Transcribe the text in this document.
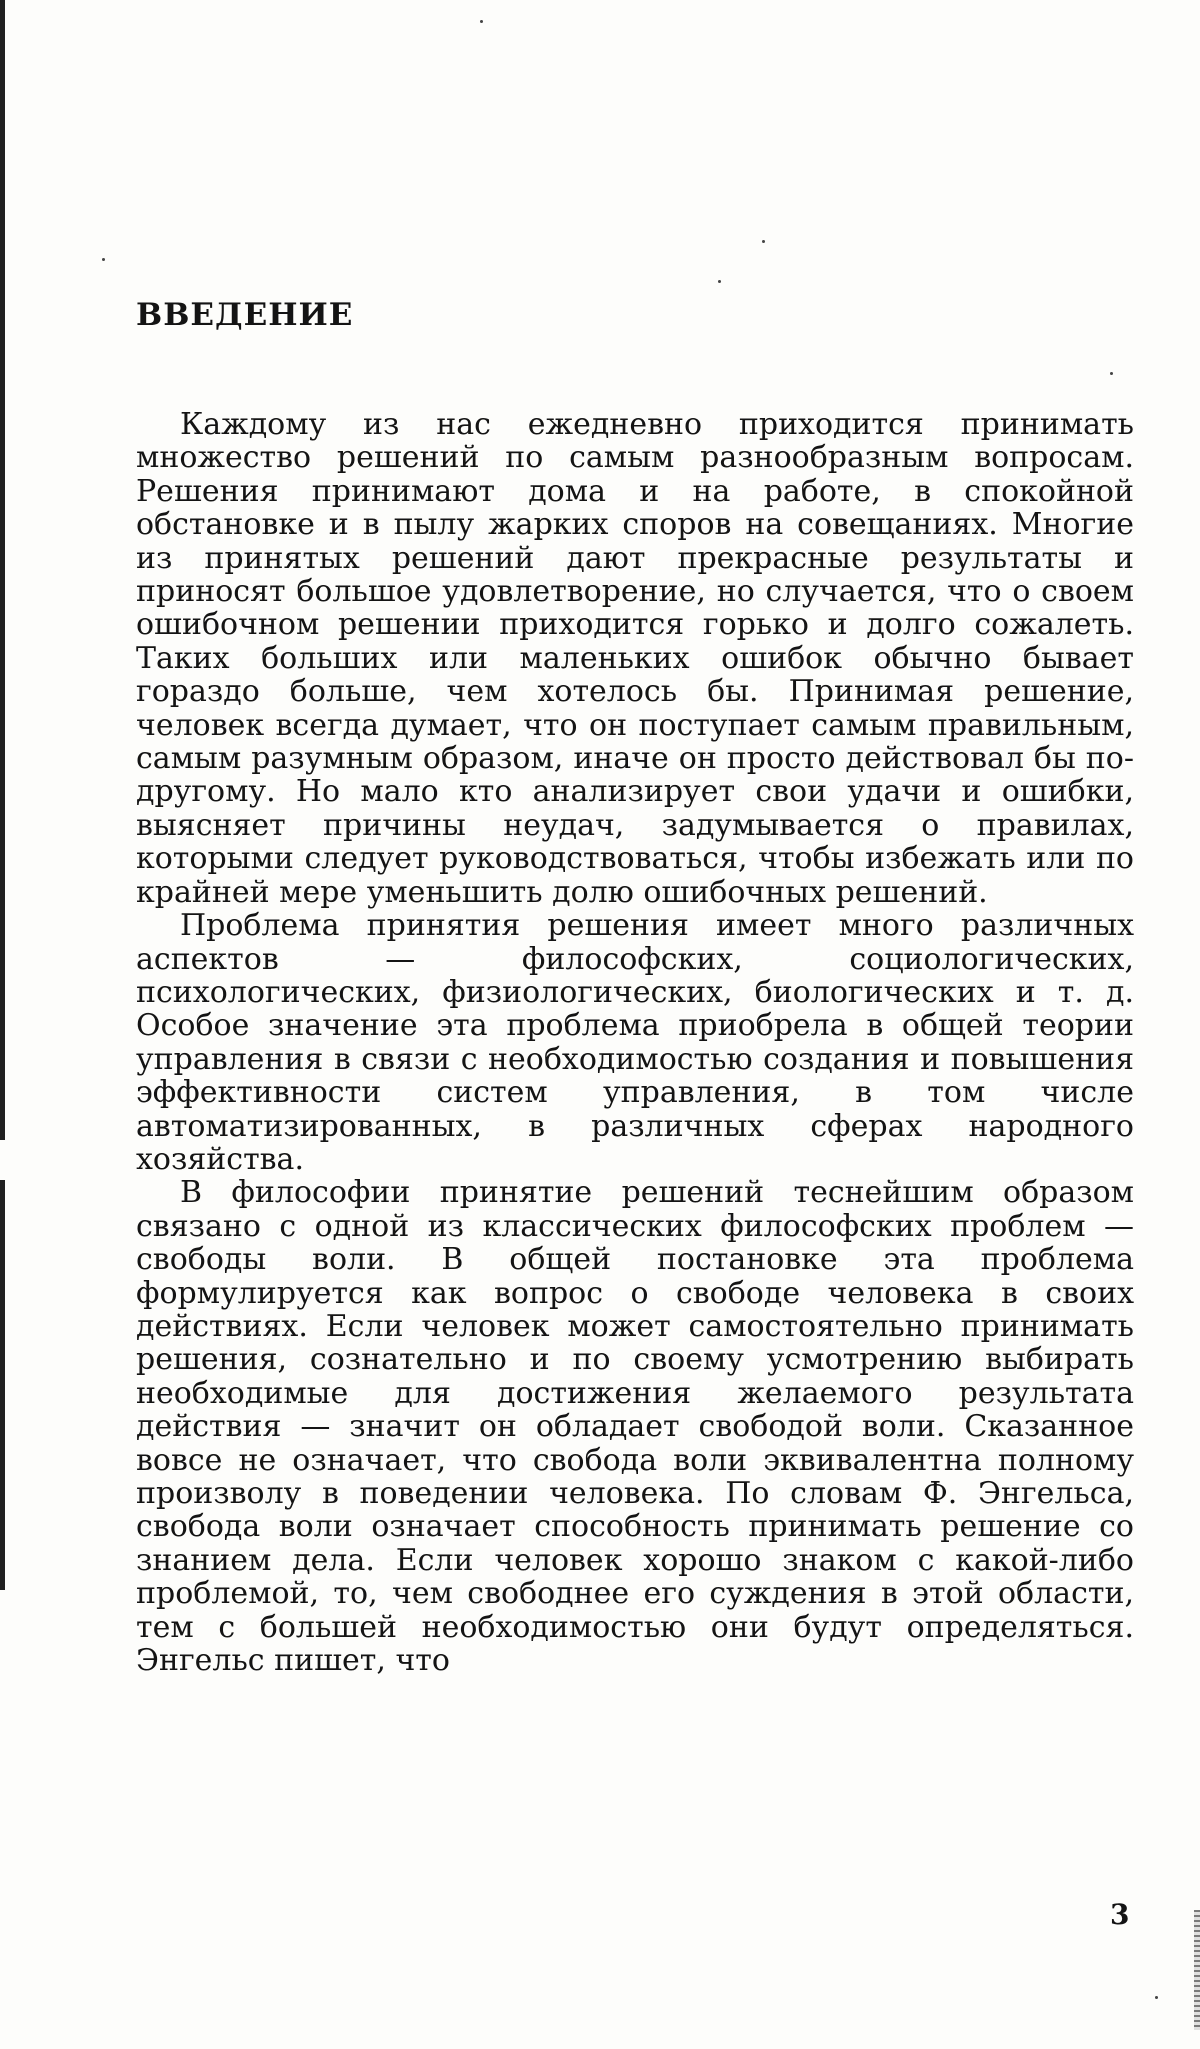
ВВЕДЕНИЕ

Каждому из нас ежедневно приходится принимать множество решений по самым разнообразным вопросам. Решения принимают дома и на работе, в спокойной обстановке и в пылу жарких споров на совещаниях. Многие из принятых решений дают прекрасные результаты и приносят большое удовлетворение, но случается, что о своем ошибочном решении приходится горько и долго сожалеть. Таких больших или маленьких ошибок обычно бывает гораздо больше, чем хотелось бы. Принимая решение, человек всегда думает, что он поступает самым правильным, самым разумным образом, иначе он просто действовал бы по-другому. Но мало кто анализирует свои удачи и ошибки, выясняет причины неудач, задумывается о правилах, которыми следует руководствоваться, чтобы избежать или по крайней мере уменьшить долю ошибочных решений.

Проблема принятия решения имеет много различных аспектов — философских, социологических, психологических, физиологических, биологических и т. д. Особое значение эта проблема приобрела в общей теории управления в связи с необходимостью создания и повышения эффективности систем управления, в том числе автоматизированных, в различных сферах народного хозяйства.

В философии принятие решений теснейшим образом связано с одной из классических философских проблем — свободы воли. В общей постановке эта проблема формулируется как вопрос о свободе человека в своих действиях. Если человек может самостоятельно принимать решения, сознательно и по своему усмотрению выбирать необходимые для достижения желаемого результата действия — значит он обладает свободой воли. Сказанное вовсе не означает, что свобода воли эквивалентна полному произволу в поведении человека. По словам Ф. Энгельса, свобода воли означает способность принимать решение со знанием дела. Если человек хорошо знаком с какой-либо проблемой, то, чем свободнее его суждения в этой области, тем с большей необходимостью они будут определяться. Энгельс пишет, что

3
